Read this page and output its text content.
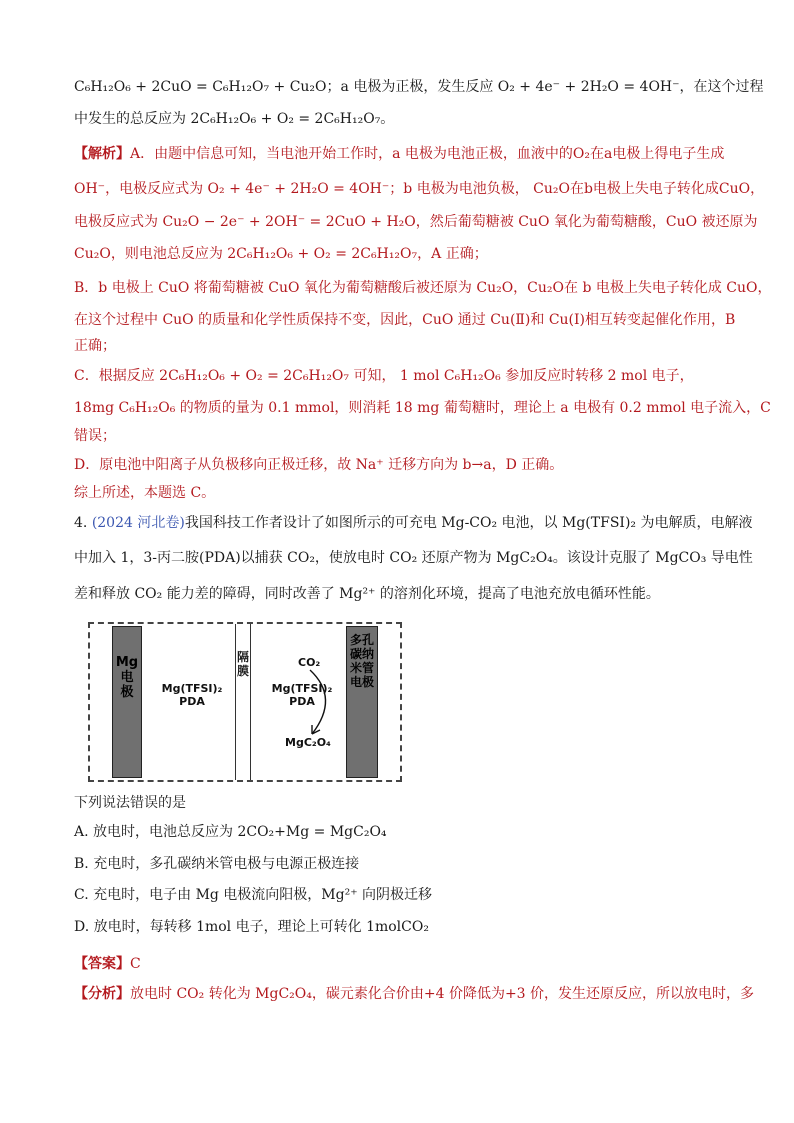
C₆H₁₂O₆ + 2CuO = C₆H₁₂O₇ + Cu₂O；a 电极为正极，发生反应 O₂ + 4e⁻ + 2H₂O = 4OH⁻，在这个过程
中发生的总反应为 2C₆H₁₂O₆ + O₂ = 2C₆H₁₂O₇。
【解析】A．由题中信息可知，当电池开始工作时，a 电极为电池正极，血液中的O₂在a电极上得电子生成
OH⁻，电极反应式为 O₂ + 4e⁻ + 2H₂O = 4OH⁻；b 电极为电池负极， Cu₂O在b电极上失电子转化成CuO，
电极反应式为 Cu₂O − 2e⁻ + 2OH⁻ = 2CuO + H₂O，然后葡萄糖被 CuO 氧化为葡萄糖酸，CuO 被还原为
Cu₂O，则电池总反应为 2C₆H₁₂O₆ + O₂ = 2C₆H₁₂O₇，A 正确；
B．b 电极上 CuO 将葡萄糖被 CuO 氧化为葡萄糖酸后被还原为 Cu₂O，Cu₂O在 b 电极上失电子转化成 CuO，
在这个过程中 CuO 的质量和化学性质保持不变，因此，CuO 通过 Cu(Ⅱ)和 Cu(Ⅰ)相互转变起催化作用，B
正确；
C．根据反应 2C₆H₁₂O₆ + O₂ = 2C₆H₁₂O₇ 可知， 1 mol C₆H₁₂O₆ 参加反应时转移 2 mol 电子，
18mg C₆H₁₂O₆ 的物质的量为 0.1 mmol，则消耗 18 mg 葡萄糖时，理论上 a 电极有 0.2 mmol 电子流入，C
错误；
D．原电池中阳离子从负极移向正极迁移，故 Na⁺ 迁移方向为 b→a，D 正确。
综上所述，本题选 C。
4. (2024 河北卷)我国科技工作者设计了如图所示的可充电 Mg-CO₂ 电池，以 Mg(TFSI)₂ 为电解质，电解液
中加入 1，3-丙二胺(PDA)以捕获 CO₂，使放电时 CO₂ 还原产物为 MgC₂O₄。该设计克服了 MgCO₃ 导电性
差和释放 CO₂ 能力差的障碍，同时改善了 Mg²⁺ 的溶剂化环境，提高了电池充放电循环性能。
Mg
电
极	Mg(TFSI)₂
PDA
隔
膜
Mg(TFSI)₂
PDA
CO₂
MgC₂O₄
多孔
碳纳
米管
电极
下列说法错误的是
A. 放电时，电池总反应为 2CO₂+Mg = MgC₂O₄
B. 充电时，多孔碳纳米管电极与电源正极连接
C. 充电时，电子由 Mg 电极流向阳极，Mg²⁺ 向阴极迁移
D. 放电时，每转移 1mol 电子，理论上可转化 1molCO₂
【答案】C
【分析】放电时 CO₂ 转化为 MgC₂O₄，碳元素化合价由+4 价降低为+3 价，发生还原反应，所以放电时，多
